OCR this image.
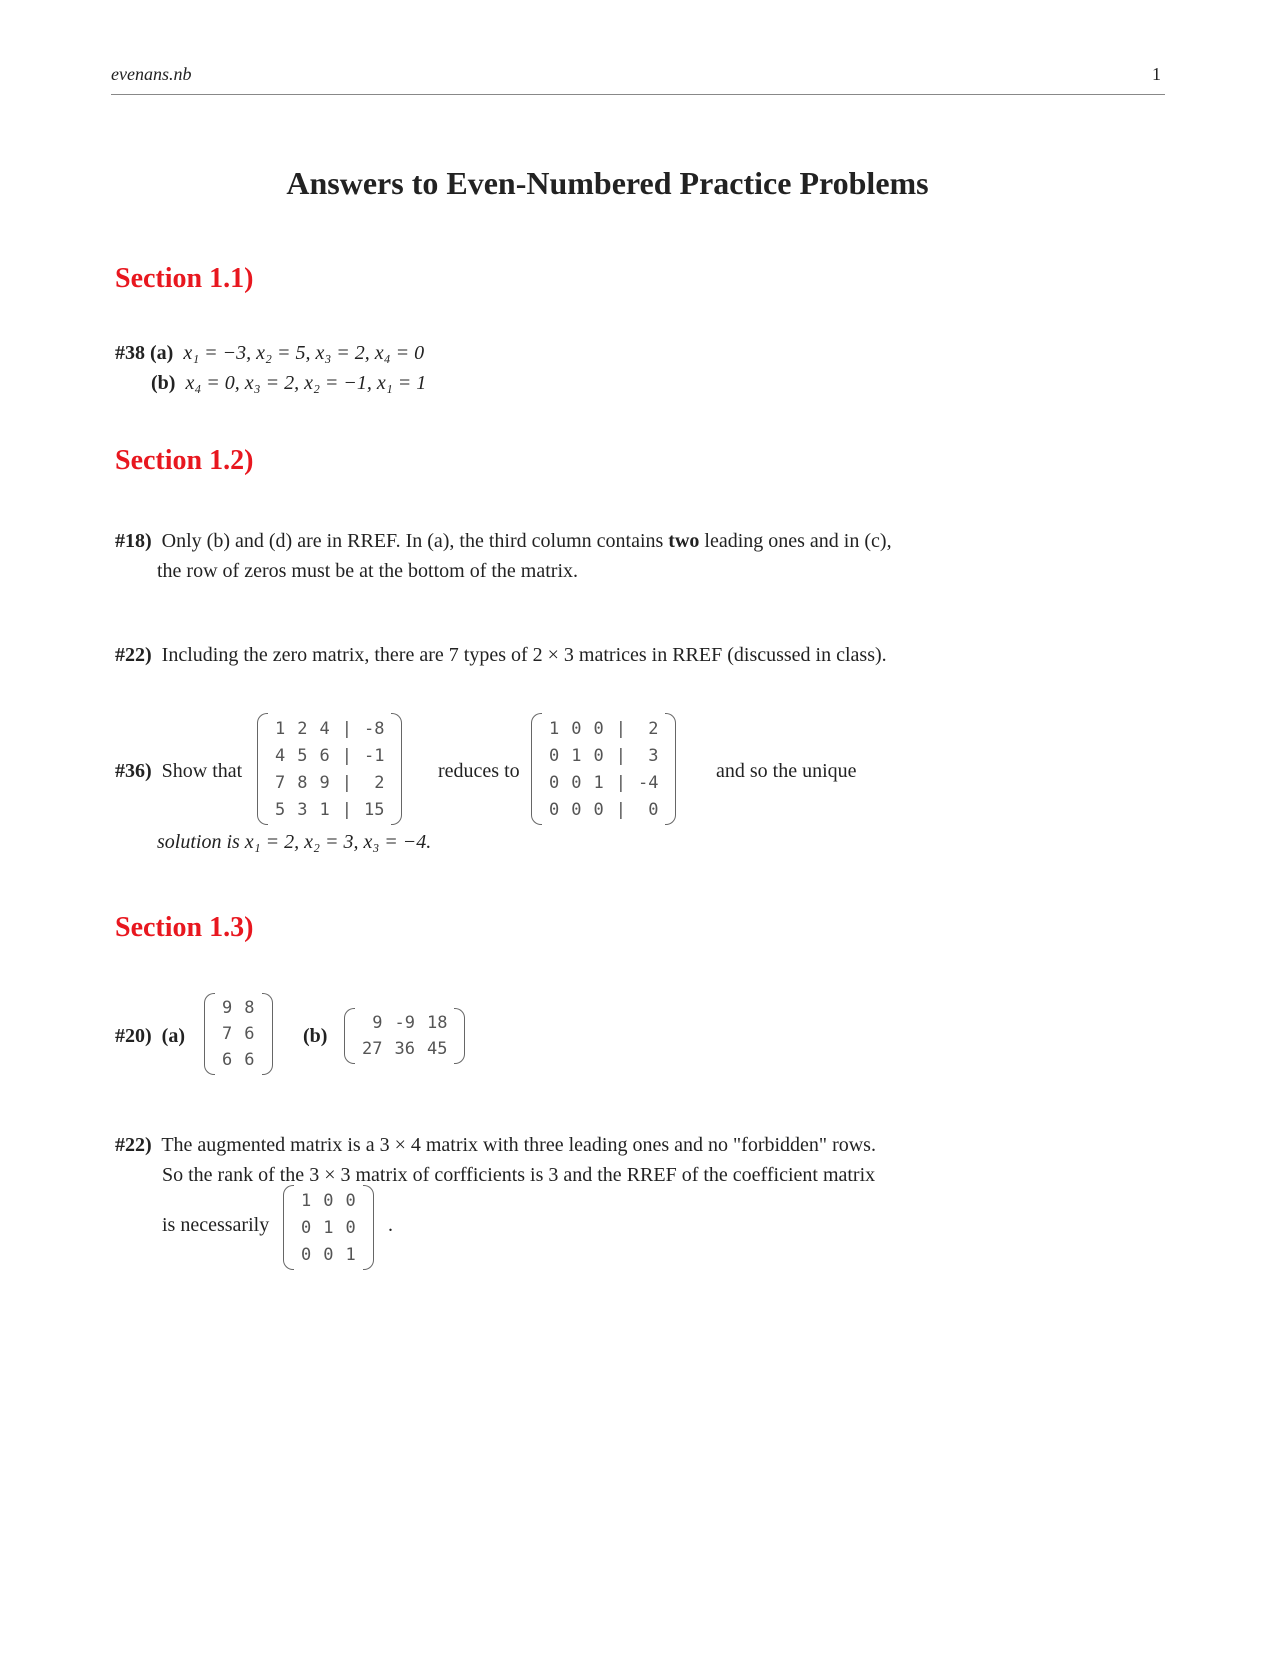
evenans.nb	1
Answers to Even-Numbered Practice Problems
Section 1.1)
#38 (a) x₁ = −3, x₂ = 5, x₃ = 2, x₄ = 0
(b) x₄ = 0, x₃ = 2, x₂ = −1, x₁ = 1
Section 1.2)
#18) Only (b) and (d) are in RREF. In (a), the third column contains two leading ones and in (c),
the row of zeros must be at the bottom of the matrix.
#22) Including the zero matrix, there are 7 types of 2 × 3 matrices in RREF (discussed in class).
#36) Show that
1	2	4	|	-8
4	5	6	|	-1
7	8	9	|	2
5	3	1	|	15
reduces to
1	0	0	|	2
0	1	0	|	3
0	0	1	|	-4
0	0	0	|	0
and so the unique
solution is x₁ = 2, x₂ = 3, x₃ = −4.
Section 1.3)
#20) (a)
9	8
7	6
6	6
(b)
9	-9	18
27	36	45
#22) The augmented matrix is a 3 × 4 matrix with three leading ones and no "forbidden" rows.
So the rank of the 3 × 3 matrix of corfficients is 3 and the RREF of the coefficient matrix
is necessarily
1	0	0
0	1	0
0	0	1
.
